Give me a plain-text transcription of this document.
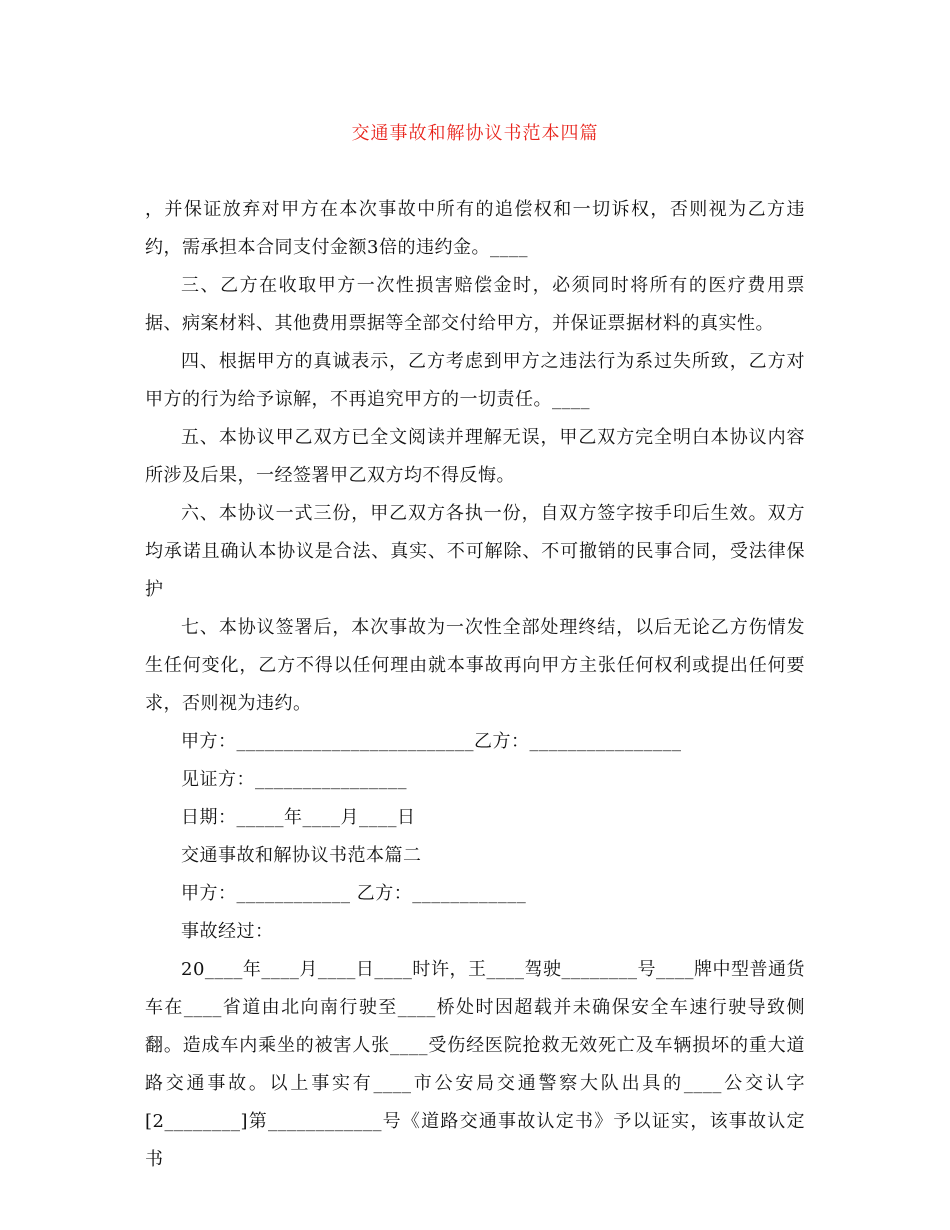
交通事故和解协议书范本四篇

，并保证放弃对甲方在本次事故中所有的追偿权和一切诉权，否则视为乙方违约，需承担本合同支付金额3倍的违约金。____

三、乙方在收取甲方一次性损害赔偿金时，必须同时将所有的医疗费用票据、病案材料、其他费用票据等全部交付给甲方，并保证票据材料的真实性。

四、根据甲方的真诚表示，乙方考虑到甲方之违法行为系过失所致，乙方对甲方的行为给予谅解，不再追究甲方的一切责任。____

五、本协议甲乙双方已全文阅读并理解无误，甲乙双方完全明白本协议内容所涉及后果，一经签署甲乙双方均不得反悔。

六、本协议一式三份，甲乙双方各执一份，自双方签字按手印后生效。双方均承诺且确认本协议是合法、真实、不可解除、不可撤销的民事合同，受法律保护

七、本协议签署后，本次事故为一次性全部处理终结，以后无论乙方伤情发生任何变化，乙方不得以任何理由就本事故再向甲方主张任何权利或提出任何要求，否则视为违约。

甲方：_________________________乙方：________________

见证方：________________

日期：_____年____月____日

交通事故和解协议书范本篇二

甲方：____________ 乙方：____________

事故经过：

20____年____月____日____时许，王____驾驶________号____牌中型普通货车在____省道由北向南行驶至____桥处时因超载并未确保安全车速行驶导致侧翻。造成车内乘坐的被害人张____受伤经医院抢救无效死亡及车辆损坏的重大道路交通事故。以上事实有____市公安局交通警察大队出具的____公交认字[2________]第____________号《道路交通事故认定书》予以证实，该事故认定书
